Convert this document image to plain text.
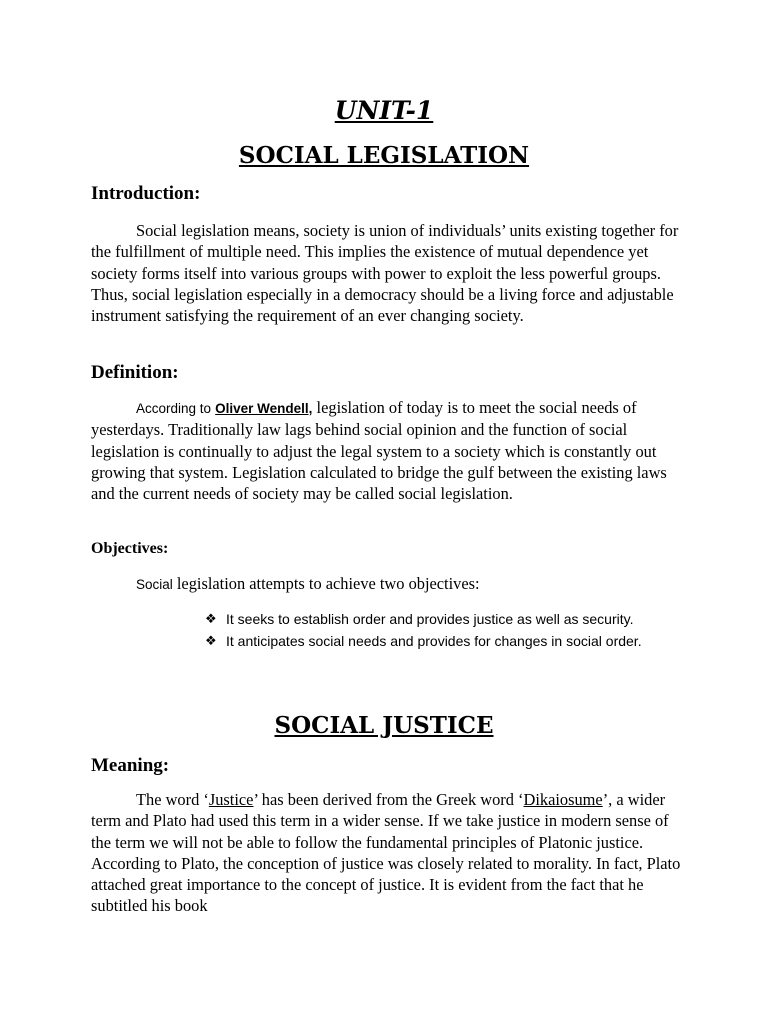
UNIT-1
SOCIAL LEGISLATION
Introduction:
Social legislation means, society is union of individuals’ units existing together for the fulfillment of multiple need. This implies the existence of mutual dependence yet society forms itself into various groups with power to exploit the less powerful groups. Thus, social legislation especially in a democracy should be a living force and adjustable instrument satisfying the requirement of an ever changing society.
Definition:
According to Oliver Wendell, legislation of today is to meet the social needs of yesterdays. Traditionally law lags behind social opinion and the function of social legislation is continually to adjust the legal system to a society which is constantly out growing that system. Legislation calculated to bridge the gulf between the existing laws and the current needs of society may be called social legislation.
Objectives:
Social legislation attempts to achieve two objectives:
❖ It seeks to establish order and provides justice as well as security.
❖ It anticipates social needs and provides for changes in social order.
SOCIAL JUSTICE
Meaning:
The word ‘Justice’ has been derived from the Greek word ‘Dikaiosume’, a wider term and Plato had used this term in a wider sense. If we take justice in modern sense of the term we will not be able to follow the fundamental principles of Platonic justice. According to Plato, the conception of justice was closely related to morality. In fact, Plato attached great importance to the concept of justice. It is evident from the fact that he subtitled his book
